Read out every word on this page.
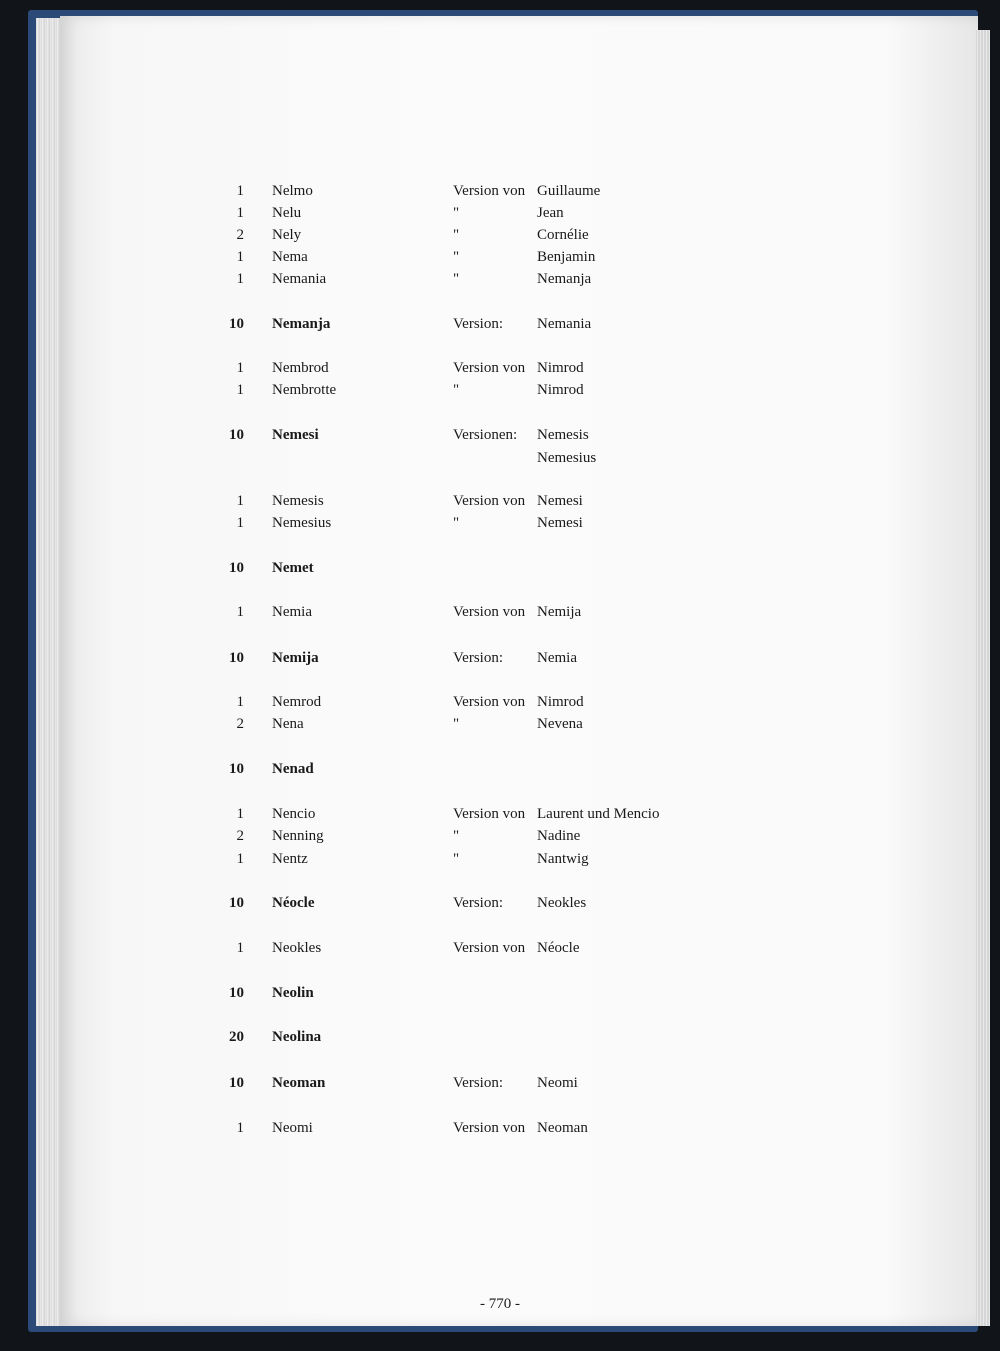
1 Nelmo	Version von Guillaume
1 Nelu	"	Jean
2 Nely	"	Cornélie
1 Nema	"	Benjamin
1 Nemania	"	Nemanja
10 Nemanja	Version: Nemania
1 Nembrod	Version von Nimrod
1 Nembrotte	"	Nimrod
10 Nemesi	Versionen: Nemesis
Nemesius
1 Nemesis	Version von Nemesi
1 Nemesius	"	Nemesi
10 Nemet
1 Nemia	Version von Nemija
10 Nemija	Version: Nemia
1 Nemrod	Version von Nimrod
2 Nena	"	Nevena
10 Nenad
1 Nencio	Version von Laurent und Mencio
2 Nenning	"	Nadine
1 Nentz	"	Nantwig
10 Néocle	Version: Neokles
1 Neokles	Version von Néocle
10 Neolin
20 Neolina
10 Neoman	Version: Neomi
1 Neomi	Version von Neoman
- 770 -
